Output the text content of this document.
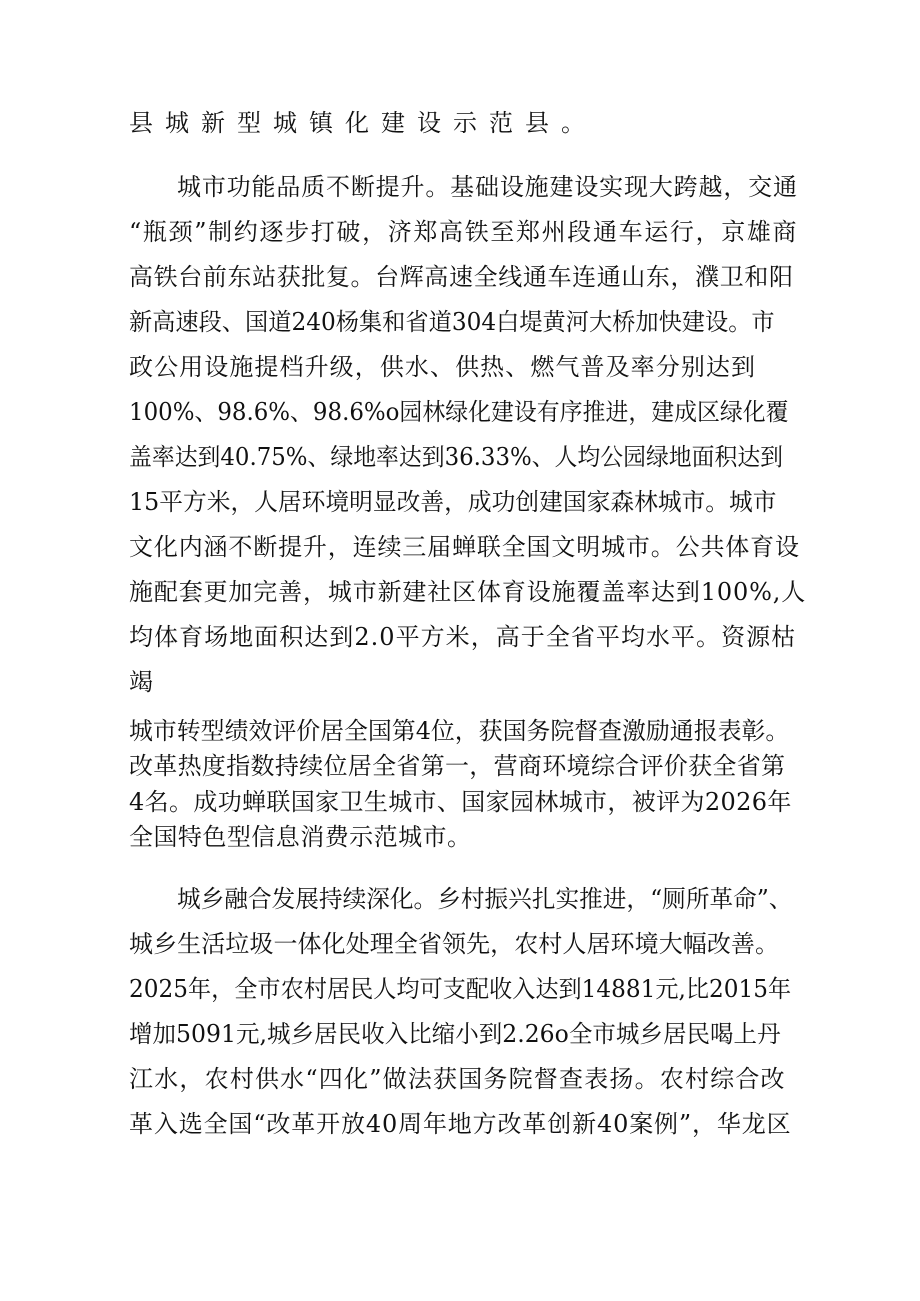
县城新型城镇化建设示范县。
城市功能品质不断提升。基础设施建设实现大跨越，交通
“瓶颈”制约逐步打破，济郑高铁至郑州段通车运行，京雄商
高铁台前东站获批复。台辉高速全线通车连通山东，濮卫和阳
新高速段、国道240杨集和省道304白堤黄河大桥加快建设。市
政公用设施提档升级，供水、供热、燃气普及率分别达到
100%、98.6%、98.6%o园林绿化建设有序推进，建成区绿化覆
盖率达到40.75%、绿地率达到36.33%、人均公园绿地面积达到
15平方米，人居环境明显改善，成功创建国家森林城市。城市
文化内涵不断提升，连续三届蝉联全国文明城市。公共体育设
施配套更加完善，城市新建社区体育设施覆盖率达到100%,人
均体育场地面积达到2.0平方米，高于全省平均水平。资源枯
竭
城市转型绩效评价居全国第4位，获国务院督查激励通报表彰。
改革热度指数持续位居全省第一，营商环境综合评价获全省第
4名。成功蝉联国家卫生城市、国家园林城市，被评为2026年
全国特色型信息消费示范城市。
城乡融合发展持续深化。乡村振兴扎实推进，“厕所革命”、
城乡生活垃圾一体化处理全省领先，农村人居环境大幅改善。
2025年，全市农村居民人均可支配收入达到14881元,比2015年
增加5091元,城乡居民收入比缩小到2.26o全市城乡居民喝上丹
江水，农村供水“四化”做法获国务院督查表扬。农村综合改
革入选全国“改革开放40周年地方改革创新40案例”，华龙区
